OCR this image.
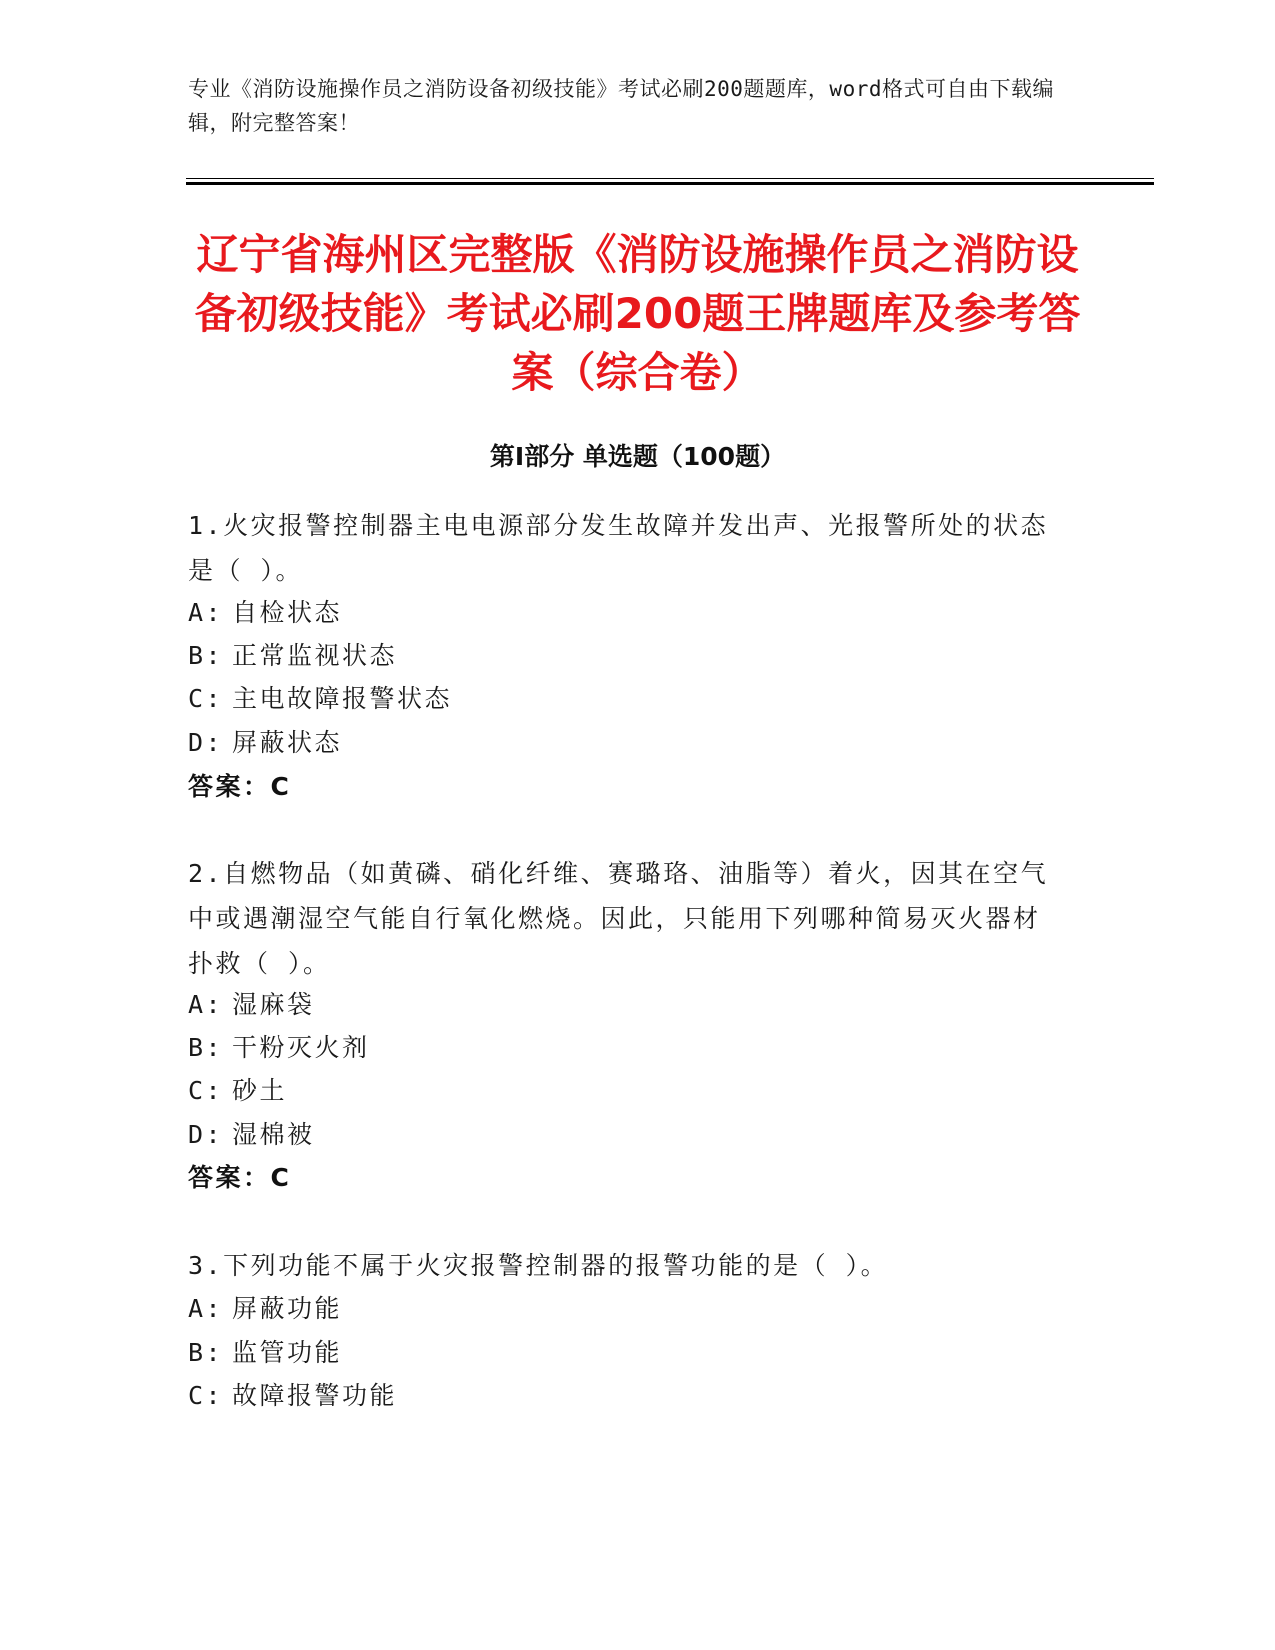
专业《消防设施操作员之消防设备初级技能》考试必刷200题题库，word格式可自由下载编辑，附完整答案！
辽宁省海州区完整版《消防设施操作员之消防设备初级技能》考试必刷200题王牌题库及参考答案（综合卷）
第Ⅰ部分 单选题（100题）

1.火灾报警控制器主电电源部分发生故障并发出声、光报警所处的状态是（ ）。

A: 自检状态

B: 正常监视状态

C: 主电故障报警状态

D: 屏蔽状态

答案：C

2.自燃物品（如黄磷、硝化纤维、赛璐珞、油脂等）着火，因其在空气中或遇潮湿空气能自行氧化燃烧。因此，只能用下列哪种简易灭火器材扑救（ ）。

A: 湿麻袋

B: 干粉灭火剂

C: 砂土

D: 湿棉被

答案：C

3.下列功能不属于火灾报警控制器的报警功能的是（ ）。

A: 屏蔽功能

B: 监管功能

C: 故障报警功能
